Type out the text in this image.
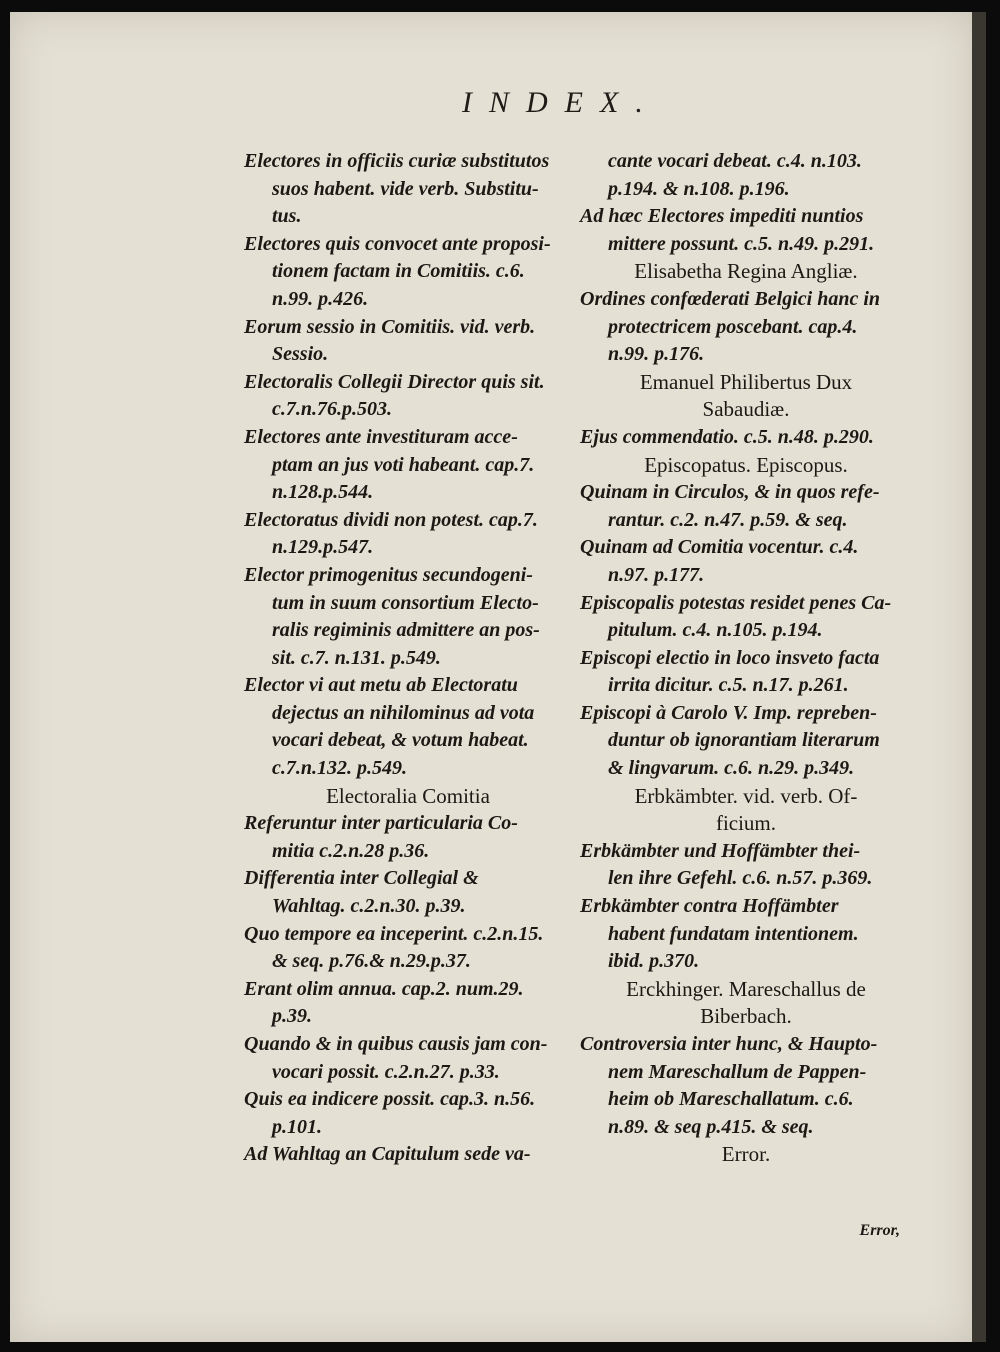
INDEX.
Electores in officiis curiæ substitutos
suos habent. vide verb. Substitu-
tus.
Electores quis convocet ante proposi-
tionem factam in Comitiis. c.6.
n.99. p.426.
Eorum sessio in Comitiis. vid. verb.
Sessio.
Electoralis Collegii Director quis sit.
c.7.n.76.p.503.
Electores ante investituram acce-
ptam an jus voti habeant. cap.7.
n.128.p.544.
Electoratus dividi non potest. cap.7.
n.129.p.547.
Elector primogenitus secundogeni-
tum in suum consortium Electo-
ralis regiminis admittere an pos-
sit. c.7. n.131. p.549.
Elector vi aut metu ab Electoratu
dejectus an nihilominus ad vota
vocari debeat, & votum habeat.
c.7.n.132. p.549.
Electoralia Comitia
Referuntur inter particularia Co-
mitia c.2.n.28 p.36.
Differentia inter Collegial &
Wahltag. c.2.n.30. p.39.
Quo tempore ea inceperint. c.2.n.15.
& seq. p.76.& n.29.p.37.
Erant olim annua. cap.2. num.29.
p.39.
Quando & in quibus causis jam con-
vocari possit. c.2.n.27. p.33.
Quis ea indicere possit. cap.3. n.56.
p.101.
Ad Wahltag an Capitulum sede va-
cante vocari debeat. c.4. n.103.
p.194. & n.108. p.196.
Ad hæc Electores impediti nuntios
mittere possunt. c.5. n.49. p.291.
Elisabetha Regina Angliæ.
Ordines confœderati Belgici hanc in
protectricem poscebant. cap.4.
n.99. p.176.
Emanuel Philibertus Dux
Sabaudiæ.
Ejus commendatio. c.5. n.48. p.290.
Episcopatus. Episcopus.
Quinam in Circulos, & in quos refe-
rantur. c.2. n.47. p.59. & seq.
Quinam ad Comitia vocentur. c.4.
n.97. p.177.
Episcopalis potestas residet penes Ca-
pitulum. c.4. n.105. p.194.
Episcopi electio in loco insveto facta
irrita dicitur. c.5. n.17. p.261.
Episcopi à Carolo V. Imp. repreben-
duntur ob ignorantiam literarum
& lingvarum. c.6. n.29. p.349.
Erbkämbter. vid. verb. Of-
ficium.
Erbkämbter und Hoffämbter thei-
len ihre Gefehl. c.6. n.57. p.369.
Erbkämbter contra Hoffämbter
habent fundatam intentionem.
ibid. p.370.
Erckhinger. Mareschallus de
Biberbach.
Controversia inter hunc, & Haupto-
nem Mareschallum de Pappen-
heim ob Mareschallatum. c.6.
n.89. & seq p.415. & seq.
Error.
Error,
